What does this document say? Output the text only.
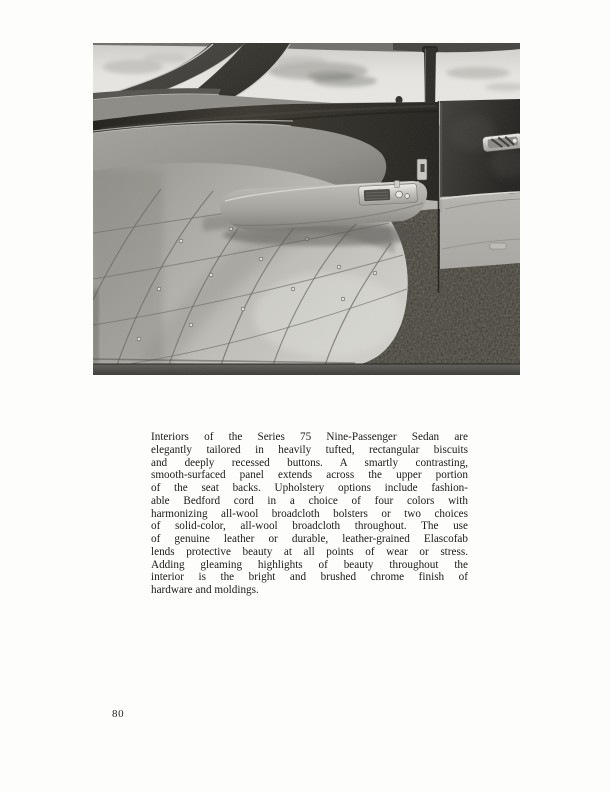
Interiors of the Series 75 Nine-Passenger Sedan are
elegantly tailored in heavily tufted, rectangular biscuits
and deeply recessed buttons. A smartly contrasting,
smooth-surfaced panel extends across the upper portion
of the seat backs. Upholstery options include fashion-
able Bedford cord in a choice of four colors with
harmonizing all-wool broadcloth bolsters or two choices
of solid-color, all-wool broadcloth throughout. The use
of genuine leather or durable, leather-grained Elascofab
lends protective beauty at all points of wear or stress.
Adding gleaming highlights of beauty throughout the
interior is the bright and brushed chrome finish of
hardware and moldings.
80
